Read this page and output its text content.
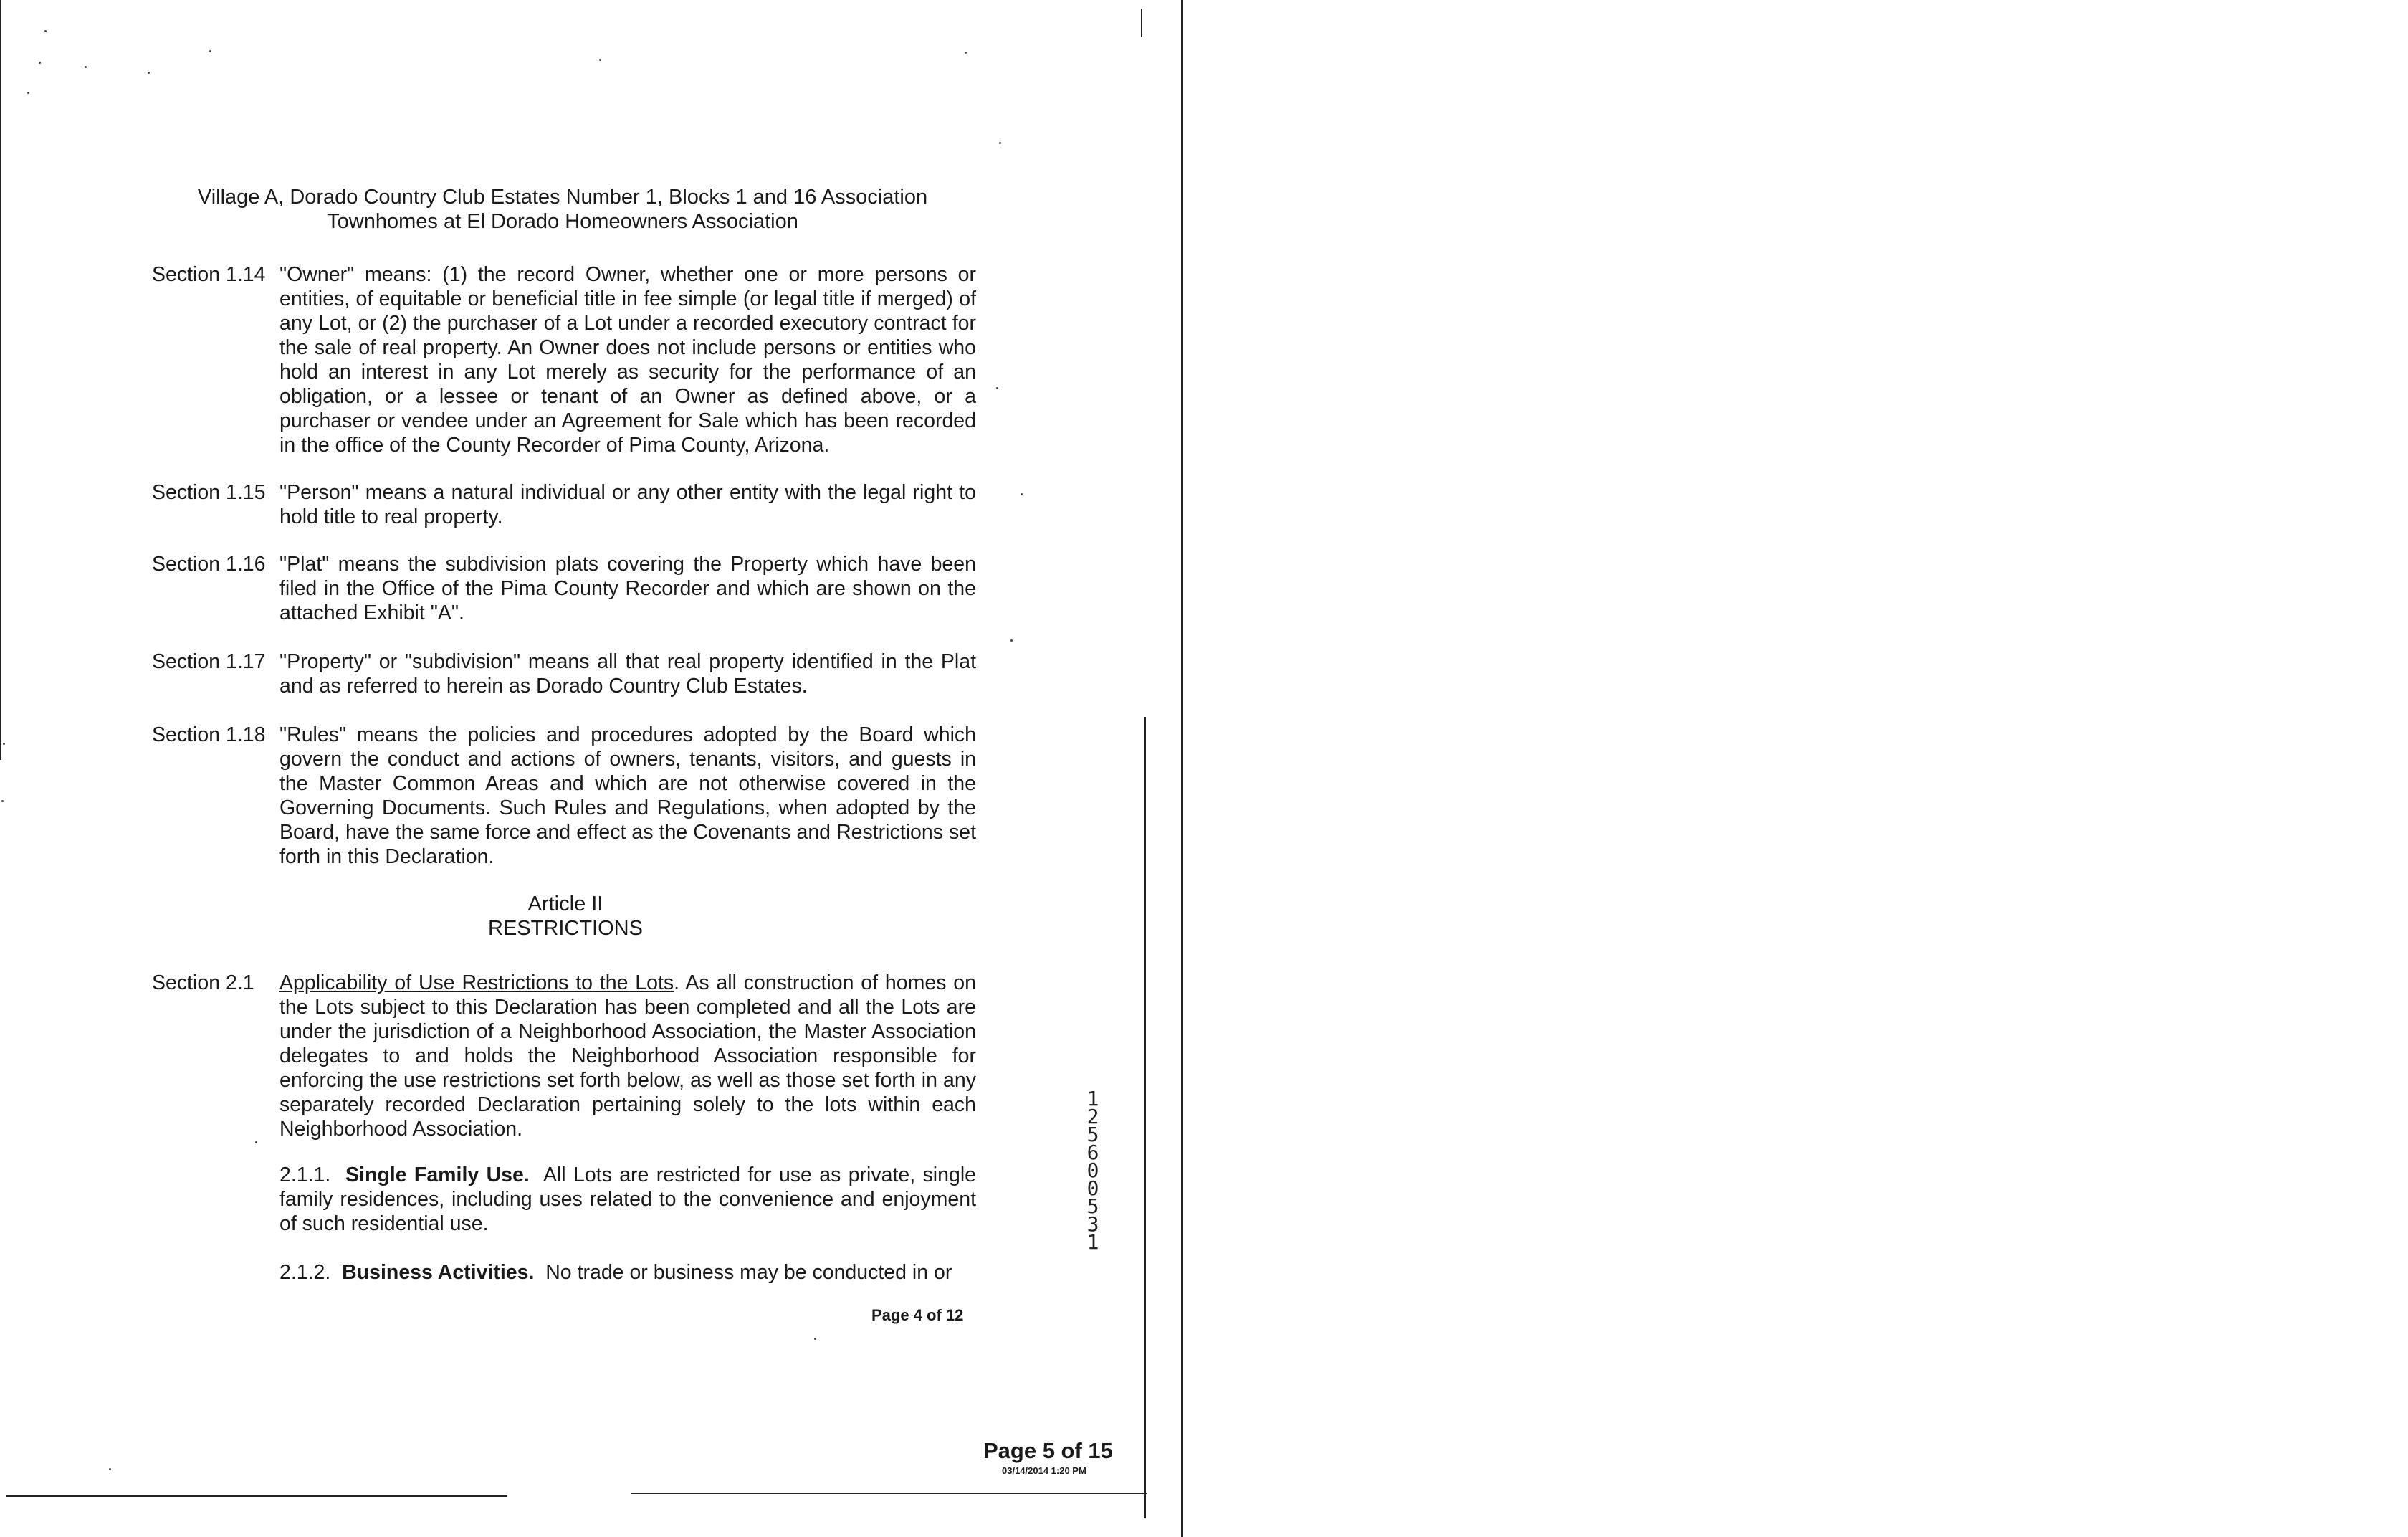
Village A, Dorado Country Club Estates Number 1, Blocks 1 and 16 Association
Townhomes at El Dorado Homeowners Association
Section 1.14 "Owner" means: (1) the record Owner, whether one or more persons or entities, of equitable or beneficial title in fee simple (or legal title if merged) of any Lot, or (2) the purchaser of a Lot under a recorded executory contract for the sale of real property. An Owner does not include persons or entities who hold an interest in any Lot merely as security for the performance of an obligation, or a lessee or tenant of an Owner as defined above, or a purchaser or vendee under an Agreement for Sale which has been recorded in the office of the County Recorder of Pima County, Arizona.
Section 1.15 "Person" means a natural individual or any other entity with the legal right to hold title to real property.
Section 1.16 "Plat" means the subdivision plats covering the Property which have been filed in the Office of the Pima County Recorder and which are shown on the attached Exhibit "A".
Section 1.17 "Property" or "subdivision" means all that real property identified in the Plat and as referred to herein as Dorado Country Club Estates.
Section 1.18 "Rules" means the policies and procedures adopted by the Board which govern the conduct and actions of owners, tenants, visitors, and guests in the Master Common Areas and which are not otherwise covered in the Governing Documents. Such Rules and Regulations, when adopted by the Board, have the same force and effect as the Covenants and Restrictions set forth in this Declaration.
Article II
RESTRICTIONS
Section 2.1 Applicability of Use Restrictions to the Lots. As all construction of homes on the Lots subject to this Declaration has been completed and all the Lots are under the jurisdiction of a Neighborhood Association, the Master Association delegates to and holds the Neighborhood Association responsible for enforcing the use restrictions set forth below, as well as those set forth in any separately recorded Declaration pertaining solely to the lots within each Neighborhood Association.
2.1.1. Single Family Use. All Lots are restricted for use as private, single family residences, including uses related to the convenience and enjoyment of such residential use.
2.1.2. Business Activities. No trade or business may be conducted in or
Page 4 of 12
12560 0531
Page 5 of 15
03/14/2014 1:20 PM
